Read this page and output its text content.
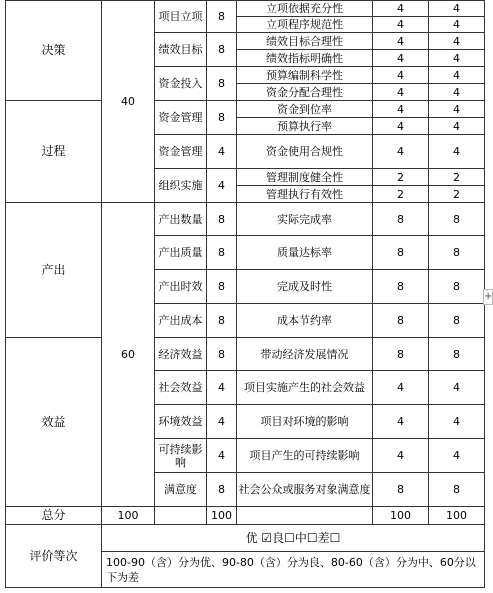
决策	40	项目立项	8	立项依据充分性	4	4
				立项程序规范性	4	4
		绩效目标	8	绩效目标合理性	4	4
				绩效指标明确性	4	4
		资金投入	8	预算编制科学性	4	4
				资金分配合理性	4	4
过程		资金管理	8	资金到位率	4	4
				预算执行率	4	4
		资金管理	4	资金使用合规性	4	4
		组织实施	4	管理制度健全性	2	2
				管理执行有效性	2	2
产出	60	产出数量	8	实际完成率	8	8
		产出质量	8	质量达标率	8	8
		产出时效	8	完成及时性	8	8
		产出成本	8	成本节约率	8	8
效益		经济效益	8	带动经济发展情况	8	8
		社会效益	4	项目实施产生的社会效益	4	4
		环境效益	4	项目对环境的影响	4	4
		可持续影响	4	项目产生的可持续影响	4	4
		满意度	8	社会公众或服务对象满意度	8	8
总分	100		100		100	100
评价等次	优 ☑良☐中☐差☐					
	100-90（含）分为优、90-80（含）分为良、80-60（含）分为中、60分以下为差					
+
